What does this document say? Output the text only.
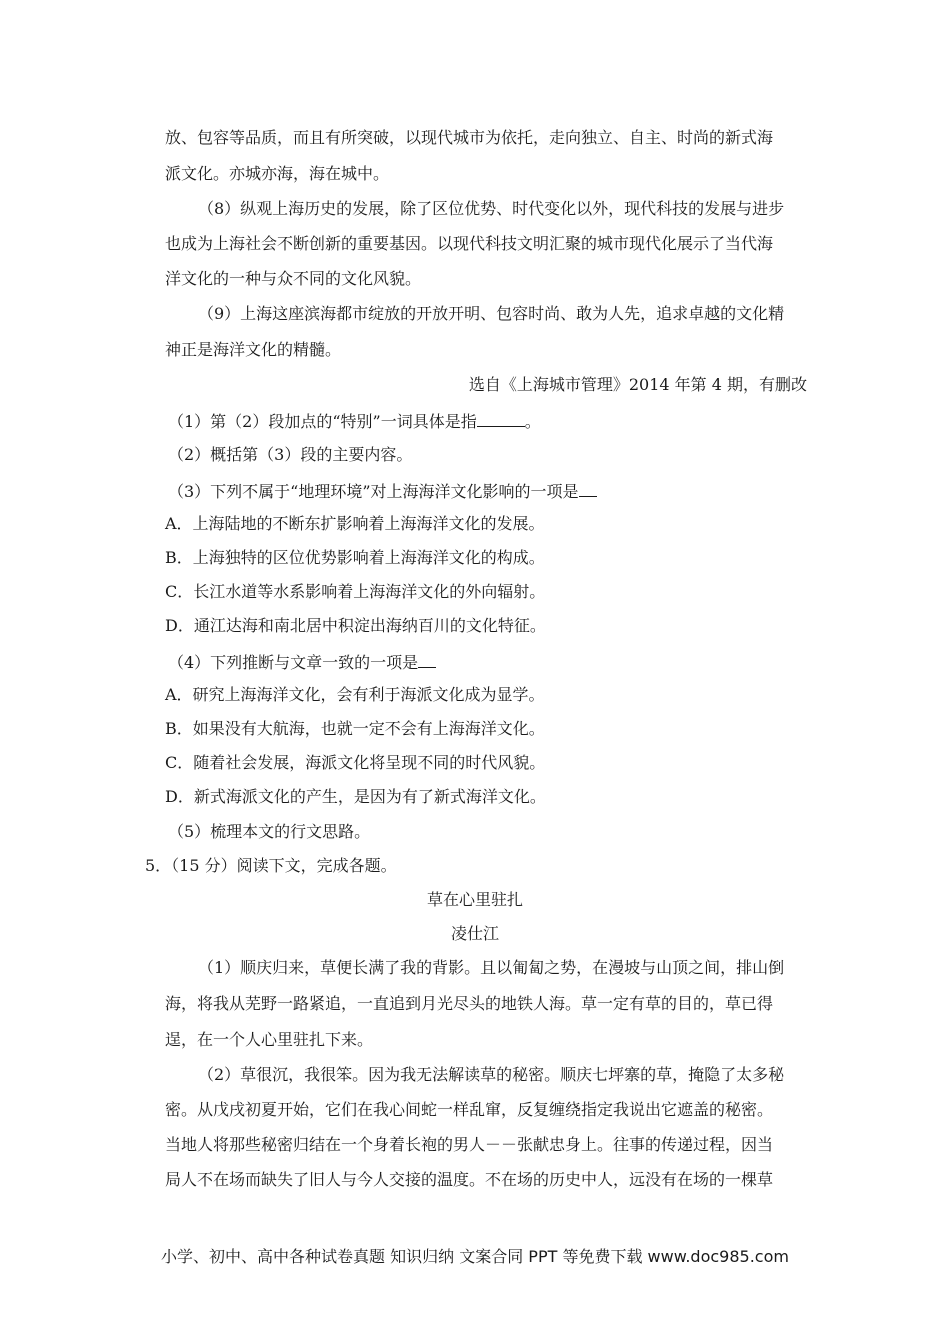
放、包容等品质，而且有所突破，以现代城市为依托，走向独立、自主、时尚的新式海
派文化。亦城亦海，海在城中。
（8）纵观上海历史的发展，除了区位优势、时代变化以外，现代科技的发展与进步
也成为上海社会不断创新的重要基因。以现代科技文明汇聚的城市现代化展示了当代海
洋文化的一种与众不同的文化风貌。
（9）上海这座滨海都市绽放的开放开明、包容时尚、敢为人先，追求卓越的文化精
神正是海洋文化的精髓。
选自《上海城市管理》2014 年第 4 期，有删改
（1）第（2）段加点的“特别”一词具体是指	。
（2）概括第（3）段的主要内容。
（3）下列不属于“地理环境”对上海海洋文化影响的一项是
A．上海陆地的不断东扩影响着上海海洋文化的发展。
B．上海独特的区位优势影响着上海海洋文化的构成。
C．长江水道等水系影响着上海海洋文化的外向辐射。
D．通江达海和南北居中积淀出海纳百川的文化特征。
（4）下列推断与文章一致的一项是
A．研究上海海洋文化，会有利于海派文化成为显学。
B．如果没有大航海，也就一定不会有上海海洋文化。
C．随着社会发展，海派文化将呈现不同的时代风貌。
D．新式海派文化的产生，是因为有了新式海洋文化。
（5）梳理本文的行文思路。
5．（15 分）阅读下文，完成各题。
草在心里驻扎
凌仕江
（1）顺庆归来，草便长满了我的背影。且以匍匐之势，在漫坡与山顶之间，排山倒
海，将我从芜野一路紧追，一直追到月光尽头的地铁人海。草一定有草的目的，草已得
逞，在一个人心里驻扎下来。
（2）草很沉，我很笨。因为我无法解读草的秘密。顺庆七坪寨的草，掩隐了太多秘
密。从戊戌初夏开始，它们在我心间蛇一样乱窜，反复缠绕指定我说出它遮盖的秘密。
当地人将那些秘密归结在一个身着长袍的男人－－张献忠身上。往事的传递过程，因当
局人不在场而缺失了旧人与今人交接的温度。不在场的历史中人，远没有在场的一棵草
小学、初中、高中各种试卷真题 知识归纳 文案合同 PPT 等免费下载 www.doc985.com
